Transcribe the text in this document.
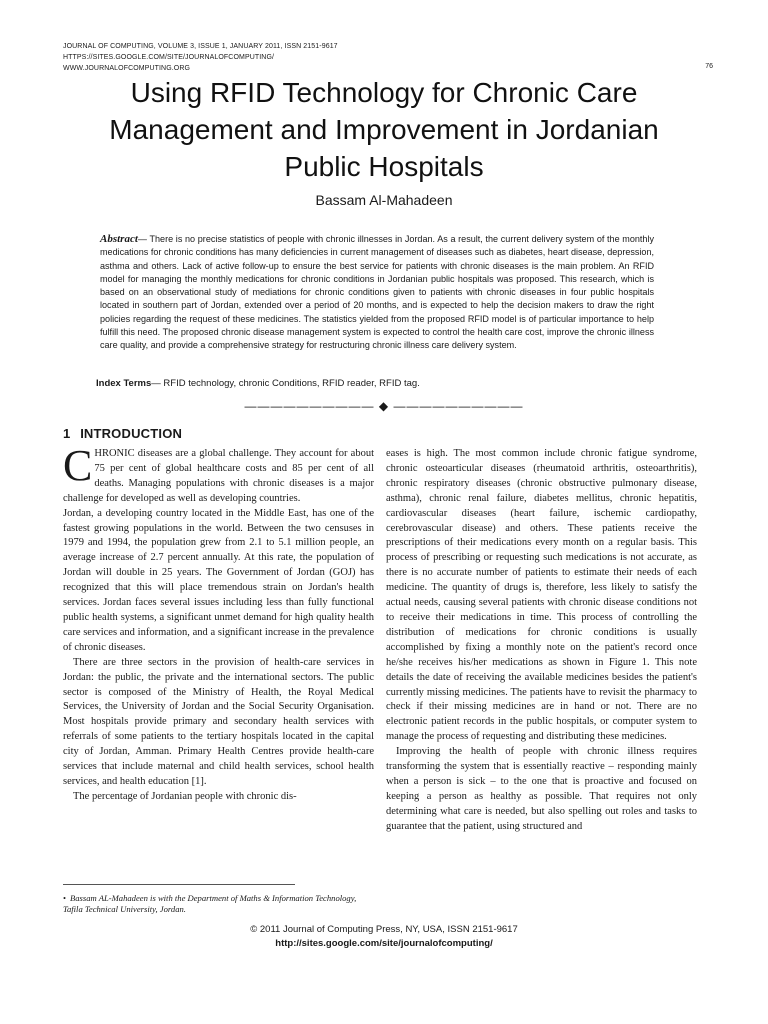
JOURNAL OF COMPUTING, VOLUME 3, ISSUE 1, JANUARY 2011, ISSN 2151-9617
HTTPS://SITES.GOOGLE.COM/SITE/JOURNALOFCOMPUTING/
WWW.JOURNALOFCOMPUTING.ORG	76
Using RFID Technology for Chronic Care
Management and Improvement in Jordanian
Public Hospitals
Bassam Al-Mahadeen
Abstract— There is no precise statistics of people with chronic illnesses in Jordan. As a result, the current delivery system of the monthly medications for chronic conditions has many deficiencies in current management of diseases such as diabetes, heart disease, depression, asthma and others. Lack of active follow-up to ensure the best service for patients with chronic diseases is the main problem. An RFID model for managing the monthly medications for chronic conditions in Jordanian public hospitals was proposed. This research, which is based on an observational study of mediations for chronic conditions given to patients with chronic diseases in four public hospitals located in southern part of Jordan, extended over a period of 20 months, and is expected to help the decision makers to draw the right policies regarding the request of these medicines. The statistics yielded from the proposed RFID model is of particular importance to help fulfill this need. The proposed chronic disease management system is expected to control the health care cost, improve the chronic illness care quality, and provide a comprehensive strategy for restructuring chronic illness care delivery system.
Index Terms— RFID technology, chronic Conditions, RFID reader, RFID tag.
—————————— ◆ ——————————
1 INTRODUCTION

CHRONIC diseases are a global challenge. They account for about 75 per cent of global healthcare costs and 85 per cent of all deaths. Managing populations with chronic diseases is a major challenge for developed as well as developing countries.

Jordan, a developing country located in the Middle East, has one of the fastest growing populations in the world. Between the two censuses in 1979 and 1994, the population grew from 2.1 to 5.1 million people, an average increase of 2.7 percent annually. At this rate, the population of Jordan will double in 25 years. The Government of Jordan (GOJ) has recognized that this will place tremendous strain on Jordan's health services. Jordan faces several issues including less than fully functional public health systems, a significant unmet demand for high quality health care services and information, and a significant increase in the prevalence of chronic diseases.

There are three sectors in the provision of health-care services in Jordan: the public, the private and the international sectors. The public sector is composed of the Ministry of Health, the Royal Medical Services, the University of Jordan and the Social Security Organisation. Most hospitals provide primary and secondary health services with referrals of some patients to the tertiary hospitals located in the capital city of Jordan, Amman. Primary Health Centres provide health-care services that include maternal and child health services, school health services, and health education [1].

The percentage of Jordanian people with chronic dis-

eases is high. The most common include chronic fatigue syndrome, chronic osteoarticular diseases (rheumatoid arthritis, osteoarthritis), chronic respiratory diseases (chronic obstructive pulmonary disease, asthma), chronic renal failure, diabetes mellitus, chronic hepatitis, cardiovascular diseases (heart failure, ischemic cardiopathy, cerebrovascular disease) and others. These patients receive the prescriptions of their medications every month on a regular basis. This process of prescribing or requesting such medications is not accurate, as there is no accurate number of patients to estimate their needs of each medicine. The quantity of drugs is, therefore, less likely to satisfy the actual needs, causing several patients with chronic disease conditions not to receive their medications in time. This process of controlling the distribution of medications for chronic conditions is usually accomplished by fixing a monthly note on the patient's record once he/she receives his/her medications as shown in Figure 1. This note details the date of receiving the available medicines besides the patient's currently missing medicines. The patients have to revisit the pharmacy to check if their missing medicines are in hand or not. There are no electronic patient records in the public hospitals, or computer system to manage the process of requesting and distributing these medicines.

Improving the health of people with chronic illness requires transforming the system that is essentially reactive – responding mainly when a person is sick – to the one that is proactive and focused on keeping a person as healthy as possible. That requires not only determining what care is needed, but also spelling out roles and tasks to guarantee that the patient, using structured and

• Bassam AL-Mahadeen is with the Department of Maths & Information Technology, Tafila Technical University, Jordan.
© 2011 Journal of Computing Press, NY, USA, ISSN 2151-9617
http://sites.google.com/site/journalofcomputing/
